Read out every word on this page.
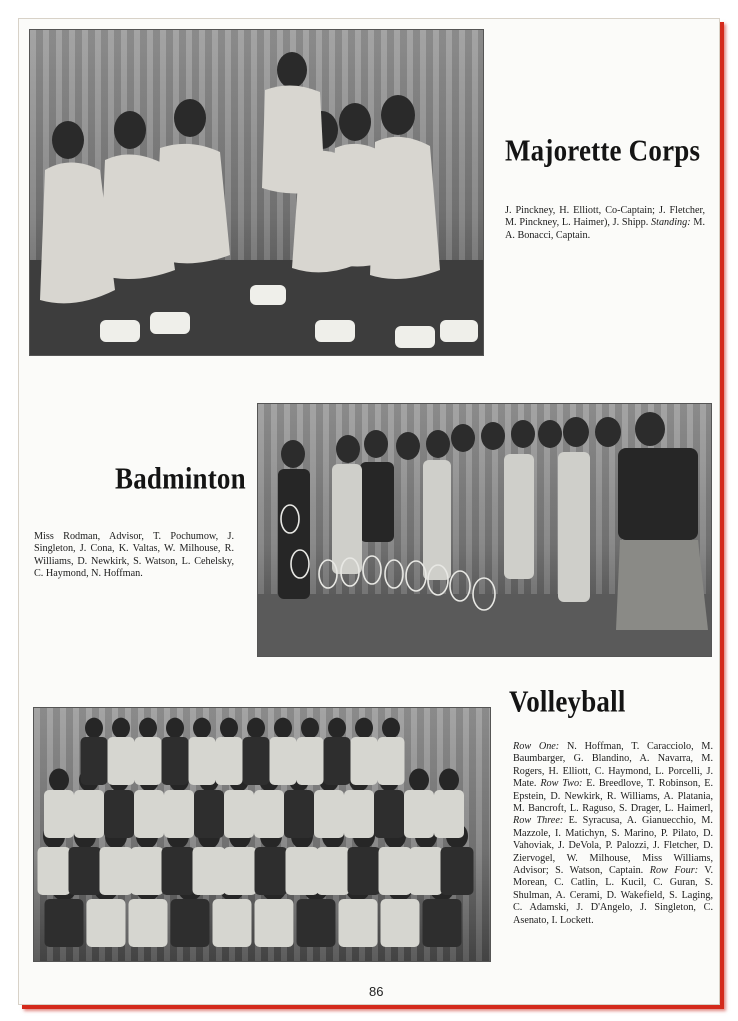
Majorette Corps
J. Pinckney, H. Elliott, Co-Captain; J. Fletcher, M. Pinckney, L. Haimer), J. Shipp. Standing: M. A. Bonacci, Captain.
Badminton
Miss Rodman, Advisor, T. Pochumow, J. Singleton, J. Cona, K. Valtas, W. Milhouse, R. Williams, D. Newkirk, S. Watson, L. Cehelsky, C. Haymond, N. Hoffman.
Volleyball
Row One: N. Hoffman, T. Caracciolo, M. Baumbarger, G. Blandino, A. Navarra, M. Rogers, H. Elliott, C. Haymond, L. Porcelli, J. Mate. Row Two: E. Breedlove, T. Robinson, E. Epstein, D. Newkirk, R. Williams, A. Platania, M. Bancroft, L. Raguso, S. Drager, L. Haimerl, Row Three: E. Syracusa, A. Gianuecchio, M. Mazzole, I. Matichyn, S. Marino, P. Pilato, D. Vahoviak, J. DeVola, P. Palozzi, J. Fletcher, D. Ziervogel, W. Milhouse, Miss Williams, Advisor; S. Watson, Captain. Row Four: V. Morean, C. Catlin, L. Kucil, C. Guran, S. Shulman, A. Cerami, D. Wakefield, S. Laging, C. Adamski, J. D'Angelo, J. Singleton, C. Asenato, I. Lockett.
86
